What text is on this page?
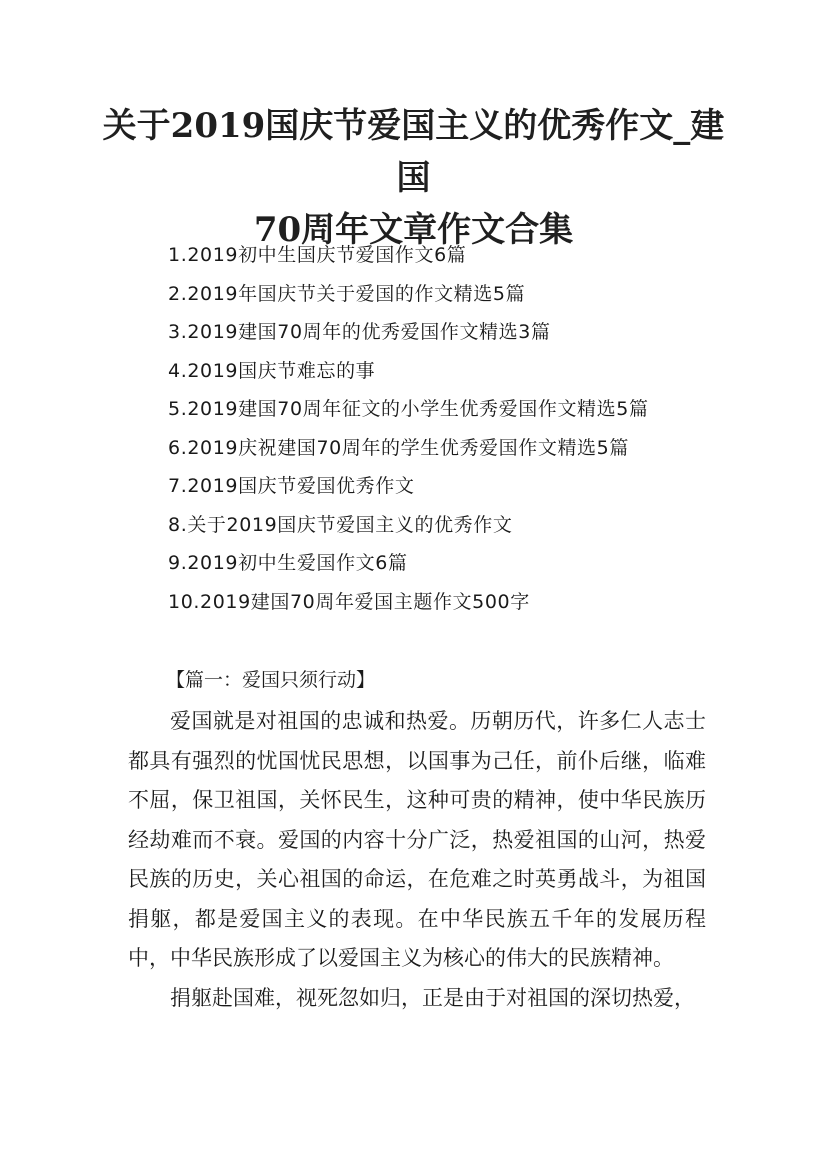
关于2019国庆节爱国主义的优秀作文_建国
70周年文章作文合集
1.2019初中生国庆节爱国作文6篇
2.2019年国庆节关于爱国的作文精选5篇
3.2019建国70周年的优秀爱国作文精选3篇
4.2019国庆节难忘的事
5.2019建国70周年征文的小学生优秀爱国作文精选5篇
6.2019庆祝建国70周年的学生优秀爱国作文精选5篇
7.2019国庆节爱国优秀作文
8.关于2019国庆节爱国主义的优秀作文
9.2019初中生爱国作文6篇
10.2019建国70周年爱国主题作文500字
【篇一：爱国只须行动】

爱国就是对祖国的忠诚和热爱。历朝历代，许多仁人志士都具有强烈的忧国忧民思想，以国事为己任，前仆后继，临难不屈，保卫祖国，关怀民生，这种可贵的精神，使中华民族历经劫难而不衰。爱国的内容十分广泛，热爱祖国的山河，热爱民族的历史，关心祖国的命运，在危难之时英勇战斗，为祖国捐躯，都是爱国主义的表现。在中华民族五千年的发展历程中，中华民族形成了以爱国主义为核心的伟大的民族精神。

捐躯赴国难，视死忽如归，正是由于对祖国的深切热爱，
